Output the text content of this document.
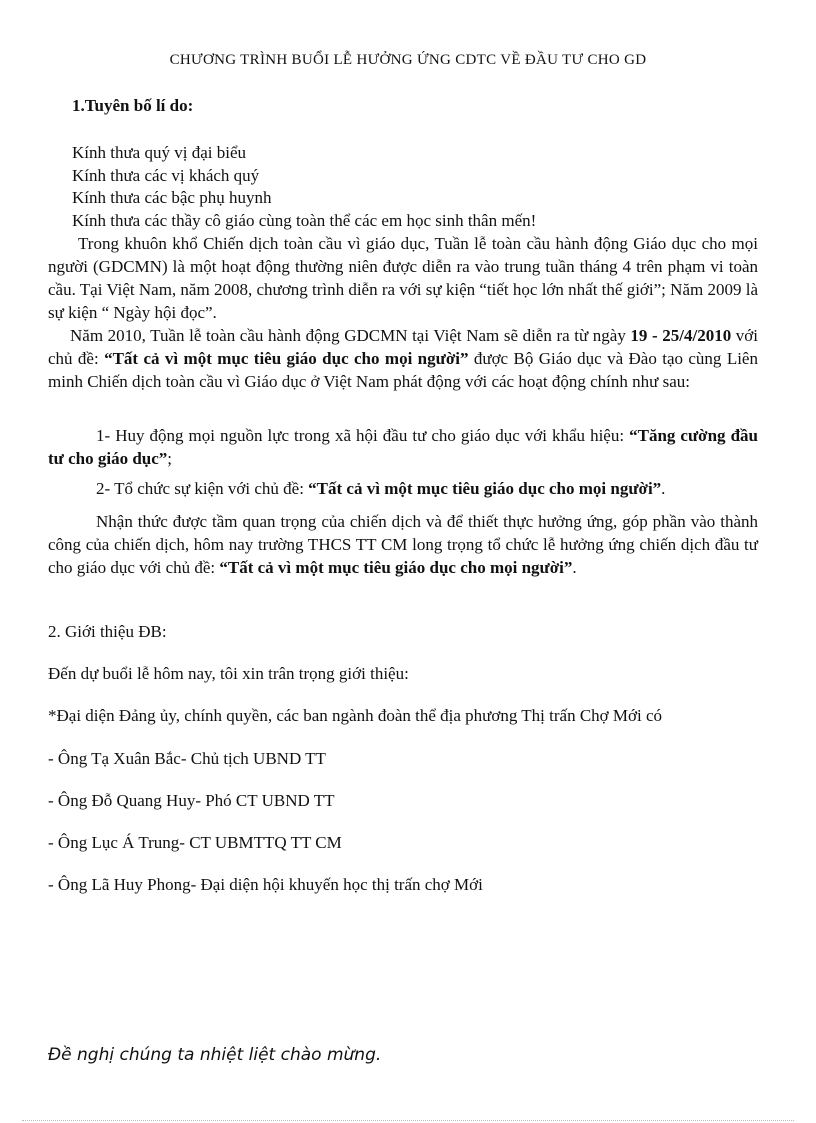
CHƯƠNG TRÌNH BUỔI LỄ HƯỞNG ỨNG CDTC VỀ ĐẦU TƯ CHO GD
1.Tuyên bố lí do:
Kính thưa quý vị đại biểu
Kính thưa các vị khách quý
Kính thưa các bậc phụ huynh
Kính thưa các thầy cô giáo cùng toàn thể các em học sinh thân mến!

Trong khuôn khổ Chiến dịch toàn cầu vì giáo dục, Tuần lễ toàn cầu hành động Giáo dục cho mọi người (GDCMN) là một hoạt động thường niên được diễn ra vào trung tuần tháng 4 trên phạm vi toàn cầu. Tại Việt Nam, năm 2008, chương trình diễn ra với sự kiện “tiết học lớn nhất thế giới”; Năm 2009 là sự kiện “ Ngày hội đọc”.

Năm 2010, Tuần lễ toàn cầu hành động GDCMN tại Việt Nam sẽ diễn ra từ ngày 19 - 25/4/2010 với chủ đề: “Tất cả vì một mục tiêu giáo dục cho mọi người” được Bộ Giáo dục và Đào tạo cùng Liên minh Chiến dịch toàn cầu vì Giáo dục ở Việt Nam phát động với các hoạt động chính như sau:

1- Huy động mọi nguồn lực trong xã hội đầu tư cho giáo dục với khẩu hiệu: “Tăng cường đầu tư cho giáo dục”;

2- Tổ chức sự kiện với chủ đề: “Tất cả vì một mục tiêu giáo dục cho mọi người”.

Nhận thức được tầm quan trọng của chiến dịch và để thiết thực hưởng ứng, góp phần vào thành công của chiến dịch, hôm nay trường THCS TT CM long trọng tổ chức lễ hưởng ứng chiến dịch đầu tư cho giáo dục với chủ đề: “Tất cả vì một mục tiêu giáo dục cho mọi người”.

2. Giới thiệu ĐB:

Đến dự buổi lễ hôm nay, tôi xin trân trọng giới thiệu:

*Đại diện Đảng ủy, chính quyền, các ban ngành đoàn thể địa phương Thị trấn Chợ Mới có

- Ông Tạ Xuân Bắc- Chủ tịch UBND TT
- Ông Đỗ Quang Huy- Phó CT UBND TT
- Ông Lục Á Trung- CT UBMTTQ TT CM
- Ông Lã Huy Phong- Đại diện hội khuyến học thị trấn chợ Mới

Đề nghị chúng ta nhiệt liệt chào mừng.
